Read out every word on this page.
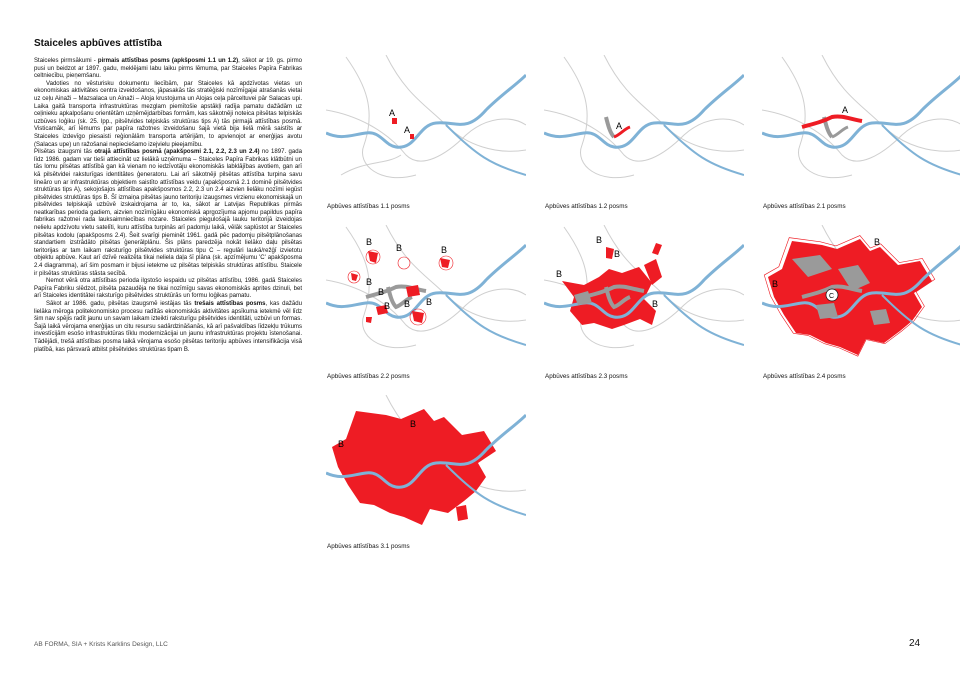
Staiceles apbūves attīstība

Staiceles pirmsākumi - pirmais attīstības posms (apkšposmi 1.1 un 1.2), sākot ar 19. gs. pirmo pusi un beidzot ar 1897. gadu, meklējami labu laiku pirms lēmuma, par Staiceles Papīra Fabrikas celtniecību, pieņemšanu.

Vadoties no vēsturisku dokumentu liecībām, par Staiceles kā apdzīvotas vietas un ekonomiskas aktivitātes centra izveidošanos, jāpasakās tās stratēģiski nozīmīgajai atrašanās vietai uz ceļu Ainaži – Mazsalaca un Ainaži – Aloja krustojuma un Alojas ceļa pārceltuvei pār Salacas upi. Laika gaitā transporta infrastruktūras mezglam piemītošie apstākļi radīja pamatu dažādām uz ceļinieku apkalpošanu orientētām uzņēmējdarbības formām, kas sākotnēji noteica pilsētas telpiskās uzbūves loģiku (sk. 25. lpp., pilsētvides telpiskās struktūras tips A) tās pirmajā attīstības posmā. Visticamāk, arī lēmums par papīra ražotnes izveidošanu šajā vietā bija lielā mērā saistīts ar Staiceles izdevīgo piesaisti reģionālām transporta artērijām, to apvienojot ar enerģijas avotu (Salacas upe) un ražošanai nepieciešamo izejvielu pieejamību.

Pilsētas izaugsmi tās otrajā attīstības posmā (apakšposmi 2.1, 2.2, 2.3 un 2.4) no 1897. gada līdz 1986. gadam var tieši attiecināt uz lielākā uzņēmuma – Staiceles Papīra Fabrikas klātbūtni un tās lomu pilsētas attīstībā gan kā vienam no iedzīvotāju ekonomiskās labklājības avotiem, gan arī kā pilsētvidei raksturīgas identitātes ģeneratoru. Lai arī sākotnēji pilsētas attīstība turpina savu lineāro un ar infrastruktūras objektiem saistīto attīstības veidu (apakšposmā 2.1 dominē pilsētvides struktūras tips A), sekojošajos attīstības apakšposmos 2.2, 2.3 un 2.4 aizvien lielāku nozīmi iegūst pilsētvides struktūras tips B. Šī izmaiņa pilsētas jauno teritoriju izaugsmes virzienu ekonomiskajā un pilsētvides telpiskajā uzbūvē izskaidrojama ar to, ka, sākot ar Latvijas Republikas pirmās neatkarības perioda gadiem, aizvien nozīmīgāku ekonomiskā aprgozījuma apjomu papildus papīra fabrikas ražotnei rada lauksaimniecības nozare. Staiceles piegulošajā lauku teritorijā izveidojas nelielu apdzīvotu vietu satelīti, kuru attīstība turpinās arī padomju laikā, vēlāk saplūstot ar Staiceles pilsētas kodolu (apakšposms 2.4). Šeit svarīgi pieminēt 1961. gadā pēc padomju pilsētplānošanas standartiem izstrādāto pilsētas ģenerālplānu. Šis plāns paredzēja nokāt lielāko daļu pilsētas teritorijas ar tam laikam raksturīgo pilsētvides struktūras tipu C – regulāri laukā/režģī izvietotu objektu apbūve. Kaut arī dzīvē realizēta tikai neliela daļa šī plāna (sk. apzīmējumu 'C' apakšposma 2.4 diagramma), arī šim posmam ir bijusi ietekme uz pilsētas telpiskās struktūras attīstību. Staicele ir pilsētas struktūras stāsta secībā.

Nemot vērā otra attīstības perioda ilgstošo iespaidu uz pilsētas attīstību, 1986. gadā Staiceles Papīra Fabriku slēdzot, pilsēta pazaudēja ne tikai nozīmīgu savas ekonomiskās aprites dzinuli, bet arī Staiceles identitātei raksturīgo pilsētvides struktūrās un formu loģikas pamatu.

Sākot ar 1986. gadu, pilsētas izaugsmē iestājas tās trešais attīstības posms, kas dažādu lielāka mēroga politekonomisko procesu radītās ekonomiskās aktivitātes apsīkuma ietekmē vēl līdz šim nav spējis radīt jaunu un savam laikam izteikti raksturīgu pilsētvides identitāti, uzbūvi un formas. Šajā laikā vērojama enerģijas un citu resursu sadārdzināšanās, kā arī pašvaldības līdzekļu trūkums investīcijām esošo infrastruktūras tīklu modernizācijai un jaunu infrastruktūras projektu īstenošanai. Tādējādi, trešā attīstības posma laikā vērojama esošo pilsētas teritoriju apbūves intensifikācija visā platībā, kas pārsvarā atbilst pilsētvides struktūras tipam B.

A
A
Apbūves attīstības 1.1 posms
A
Apbūves attīstības 1.2 posms
A
Apbūves attīstības 2.1 posms
B
B	B
B
B
B B B
Apbūves attīstības 2.2 posms
B
B
B
B
Apbūves attīstības 2.3 posms
B
B
C
Apbūves attīstības 2.4 posms
B
B
Apbūves attīstības 3.1 posms
AB FORMA, SIA + Krists Karklins Design, LLC	24
